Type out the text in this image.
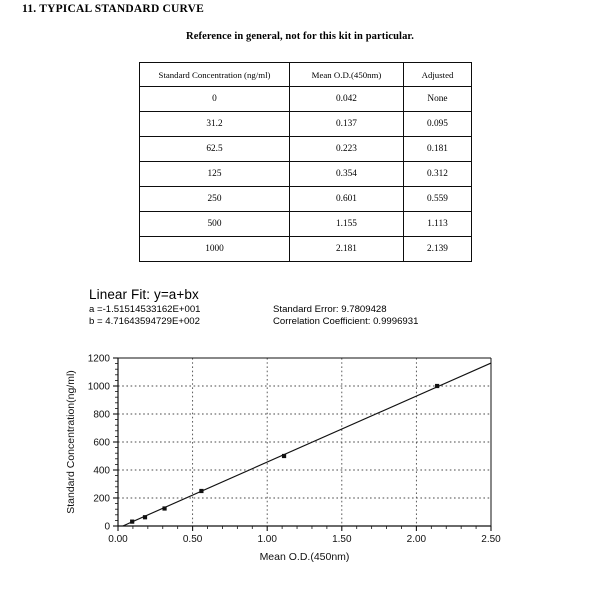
11. TYPICAL STANDARD CURVE
Reference in general, not for this kit in particular.
Standard Concentration (ng/ml)	Mean O.D.(450nm)	Adjusted
0	0.042	None
31.2	0.137	0.095
62.5	0.223	0.181
125	0.354	0.312
250	0.601	0.559
500	1.155	1.113
1000	2.181	2.139
Linear Fit: y=a+bx
a =-1.51514533162E+001	Standard Error: 9.7809428
b = 4.71643594729E+002	Correlation Coefficient: 0.9996931
0
200
400
600
800
1000
1200
0.00	0.50	1.00	1.50	2.00	2.50
Mean O.D.(450nm)
Standard Concentration(ng/ml)
